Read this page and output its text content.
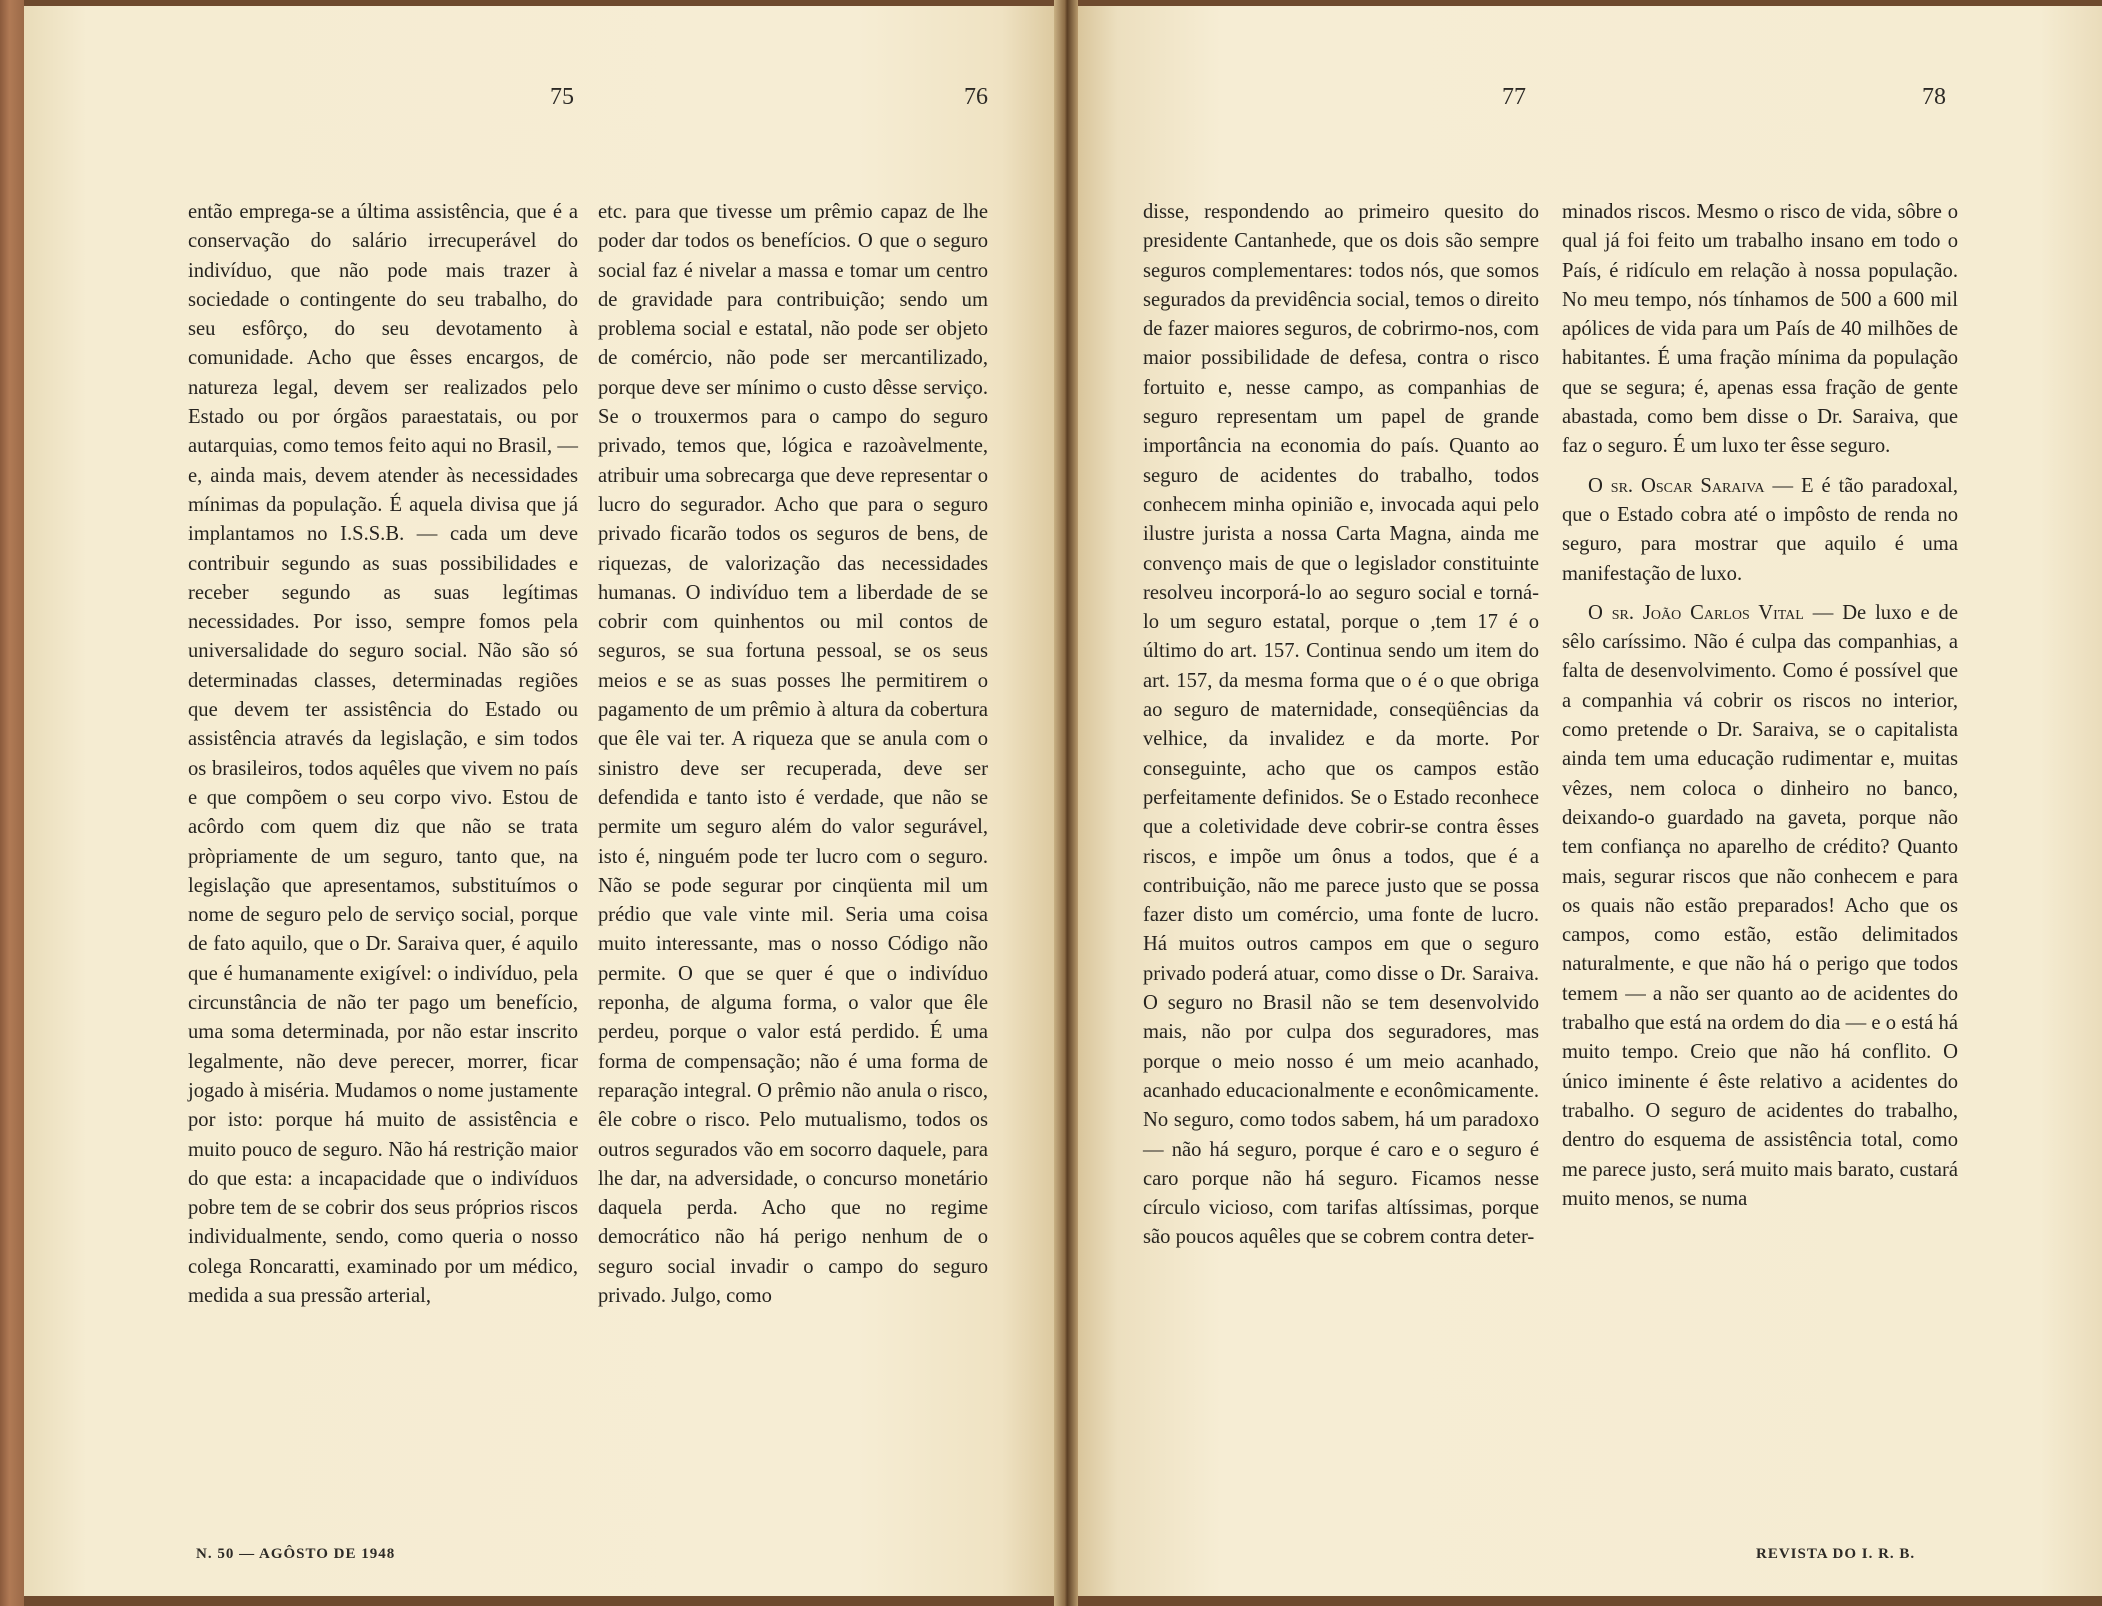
75	76

então emprega-se a última assistência, que é a conservação do salário irrecuperável do indivíduo, que não pode mais trazer à sociedade o contingente do seu trabalho, do seu esfôrço, do seu devotamento à comunidade. Acho que êsses encargos, de natureza legal, devem ser realizados pelo Estado ou por órgãos paraestatais, ou por autarquias, como temos feito aqui no Brasil, — e, ainda mais, devem atender às necessidades mínimas da população. É aquela divisa que já implantamos no I.S.S.B. — cada um deve contribuir segundo as suas possibilidades e receber segundo as suas legítimas necessidades. Por isso, sempre fomos pela universalidade do seguro social. Não são só determinadas classes, determinadas regiões que devem ter assistência do Estado ou assistência através da legislação, e sim todos os brasileiros, todos aquêles que vivem no país e que compõem o seu corpo vivo. Estou de acôrdo com quem diz que não se trata pròpriamente de um seguro, tanto que, na legislação que apresentamos, substituímos o nome de seguro pelo de serviço social, porque de fato aquilo, que o Dr. Saraiva quer, é aquilo que é humanamente exigível: o indivíduo, pela circunstância de não ter pago um benefício, uma soma determinada, por não estar inscrito legalmente, não deve perecer, morrer, ficar jogado à miséria. Mudamos o nome justamente por isto: porque há muito de assistência e muito pouco de seguro. Não há restrição maior do que esta: a incapacidade que o indivíduos pobre tem de se cobrir dos seus próprios riscos individualmente, sendo, como queria o nosso colega Roncaratti, examinado por um médico, medida a sua pressão arterial,

etc. para que tivesse um prêmio capaz de lhe poder dar todos os benefícios. O que o seguro social faz é nivelar a massa e tomar um centro de gravidade para contribuição; sendo um problema social e estatal, não pode ser objeto de comércio, não pode ser mercantilizado, porque deve ser mínimo o custo dêsse serviço. Se o trouxermos para o campo do seguro privado, temos que, lógica e razoàvelmente, atribuir uma sobrecarga que deve representar o lucro do segurador. Acho que para o seguro privado ficarão todos os seguros de bens, de riquezas, de valorização das necessidades humanas. O indivíduo tem a liberdade de se cobrir com quinhentos ou mil contos de seguros, se sua fortuna pessoal, se os seus meios e se as suas posses lhe permitirem o pagamento de um prêmio à altura da cobertura que êle vai ter. A riqueza que se anula com o sinistro deve ser recuperada, deve ser defendida e tanto isto é verdade, que não se permite um seguro além do valor segurável, isto é, ninguém pode ter lucro com o seguro. Não se pode segurar por cinqüenta mil um prédio que vale vinte mil. Seria uma coisa muito interessante, mas o nosso Código não permite. O que se quer é que o indivíduo reponha, de alguma forma, o valor que êle perdeu, porque o valor está perdido. É uma forma de compensação; não é uma forma de reparação integral. O prêmio não anula o risco, êle cobre o risco. Pelo mutualismo, todos os outros segurados vão em socorro daquele, para lhe dar, na adversidade, o concurso monetário daquela perda. Acho que no regime democrático não há perigo nenhum de o seguro social invadir o campo do seguro privado. Julgo, como

N. 50 — AGÔSTO DE 1948
77	78

disse, respondendo ao primeiro quesito do presidente Cantanhede, que os dois são sempre seguros complementares: todos nós, que somos segurados da previdência social, temos o direito de fazer maiores seguros, de cobrirmo-nos, com maior possibilidade de defesa, contra o risco fortuito e, nesse campo, as companhias de seguro representam um papel de grande importância na economia do país. Quanto ao seguro de acidentes do trabalho, todos conhecem minha opinião e, invocada aqui pelo ilustre jurista a nossa Carta Magna, ainda me convenço mais de que o legislador constituinte resolveu incorporá-lo ao seguro social e torná-lo um seguro estatal, porque o ,tem 17 é o último do art. 157. Continua sendo um item do art. 157, da mesma forma que o é o que obriga ao seguro de maternidade, conseqüências da velhice, da invalidez e da morte. Por conseguinte, acho que os campos estão perfeitamente definidos. Se o Estado reconhece que a coletividade deve cobrir-se contra êsses riscos, e impõe um ônus a todos, que é a contribuição, não me parece justo que se possa fazer disto um comércio, uma fonte de lucro. Há muitos outros campos em que o seguro privado poderá atuar, como disse o Dr. Saraiva. O seguro no Brasil não se tem desenvolvido mais, não por culpa dos seguradores, mas porque o meio nosso é um meio acanhado, acanhado educacionalmente e econômicamente. No seguro, como todos sabem, há um paradoxo — não há seguro, porque é caro e o seguro é caro porque não há seguro. Ficamos nesse círculo vicioso, com tarifas altíssimas, porque são poucos aquêles que se cobrem contra deter-

minados riscos. Mesmo o risco de vida, sôbre o qual já foi feito um trabalho insano em todo o País, é ridículo em relação à nossa população. No meu tempo, nós tínhamos de 500 a 600 mil apólices de vida para um País de 40 milhões de habitantes. É uma fração mínima da população que se segura; é, apenas essa fração de gente abastada, como bem disse o Dr. Saraiva, que faz o seguro. É um luxo ter êsse seguro.

O sr. Oscar Saraiva — E é tão paradoxal, que o Estado cobra até o impôsto de renda no seguro, para mostrar que aquilo é uma manifestação de luxo.

O sr. João Carlos Vital — De luxo e de sêlo caríssimo. Não é culpa das companhias, a falta de desenvolvimento. Como é possível que a companhia vá cobrir os riscos no interior, como pretende o Dr. Saraiva, se o capitalista ainda tem uma educação rudimentar e, muitas vêzes, nem coloca o dinheiro no banco, deixando-o guardado na gaveta, porque não tem confiança no aparelho de crédito? Quanto mais, segurar riscos que não conhecem e para os quais não estão preparados! Acho que os campos, como estão, estão delimitados naturalmente, e que não há o perigo que todos temem — a não ser quanto ao de acidentes do trabalho que está na ordem do dia — e o está há muito tempo. Creio que não há conflito. O único iminente é êste relativo a acidentes do trabalho. O seguro de acidentes do trabalho, dentro do esquema de assistência total, como me parece justo, será muito mais barato, custará muito menos, se numa

REVISTA DO I. R. B.
